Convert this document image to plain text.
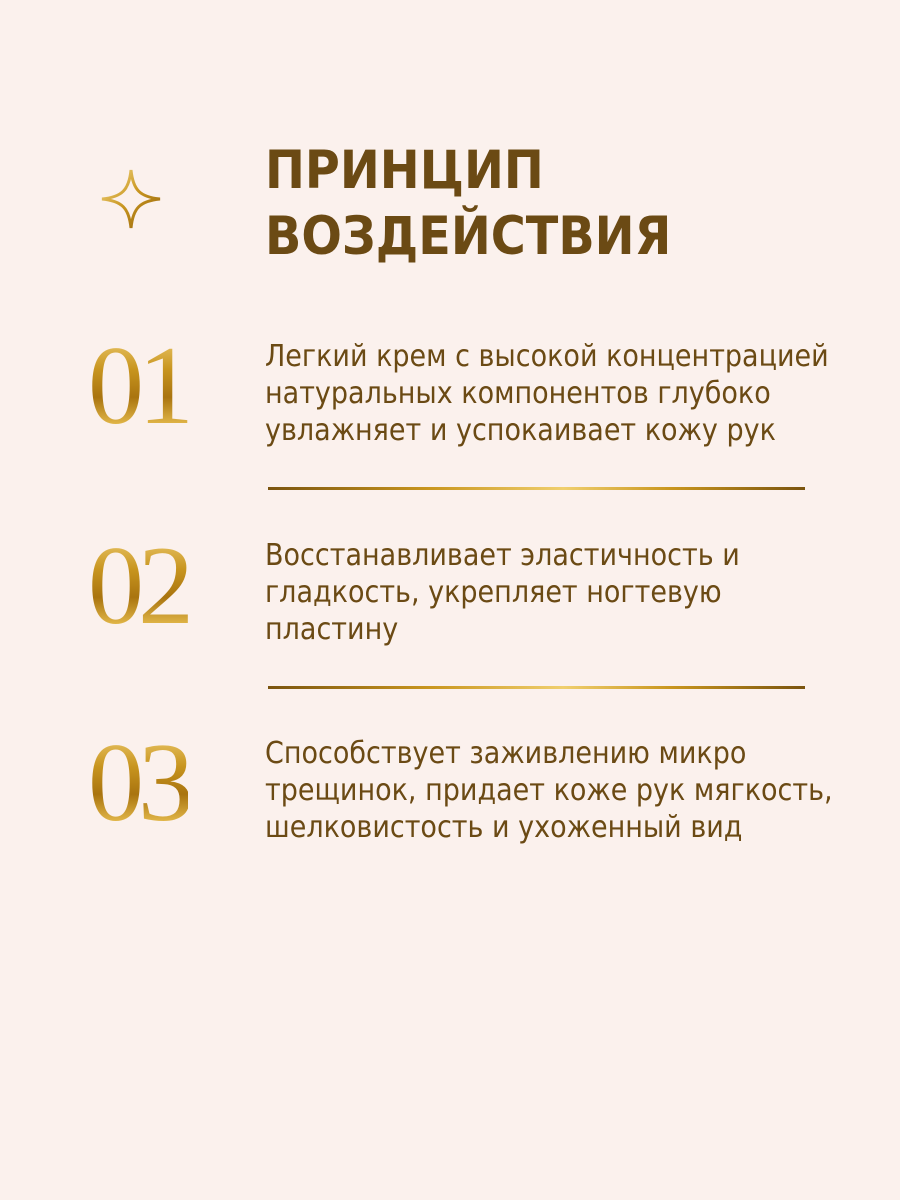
ПРИНЦИП
ВОЗДЕЙСТВИЯ
01	Легкий крем с высокой концентрацией
натуральных компонентов глубоко
увлажняет и успокаивает кожу рук
02	Восстанавливает эластичность и
гладкость, укрепляет ногтевую
пластину
03	Способствует заживлению микро
трещинок, придает коже рук мягкость,
шелковистость и ухоженный вид
